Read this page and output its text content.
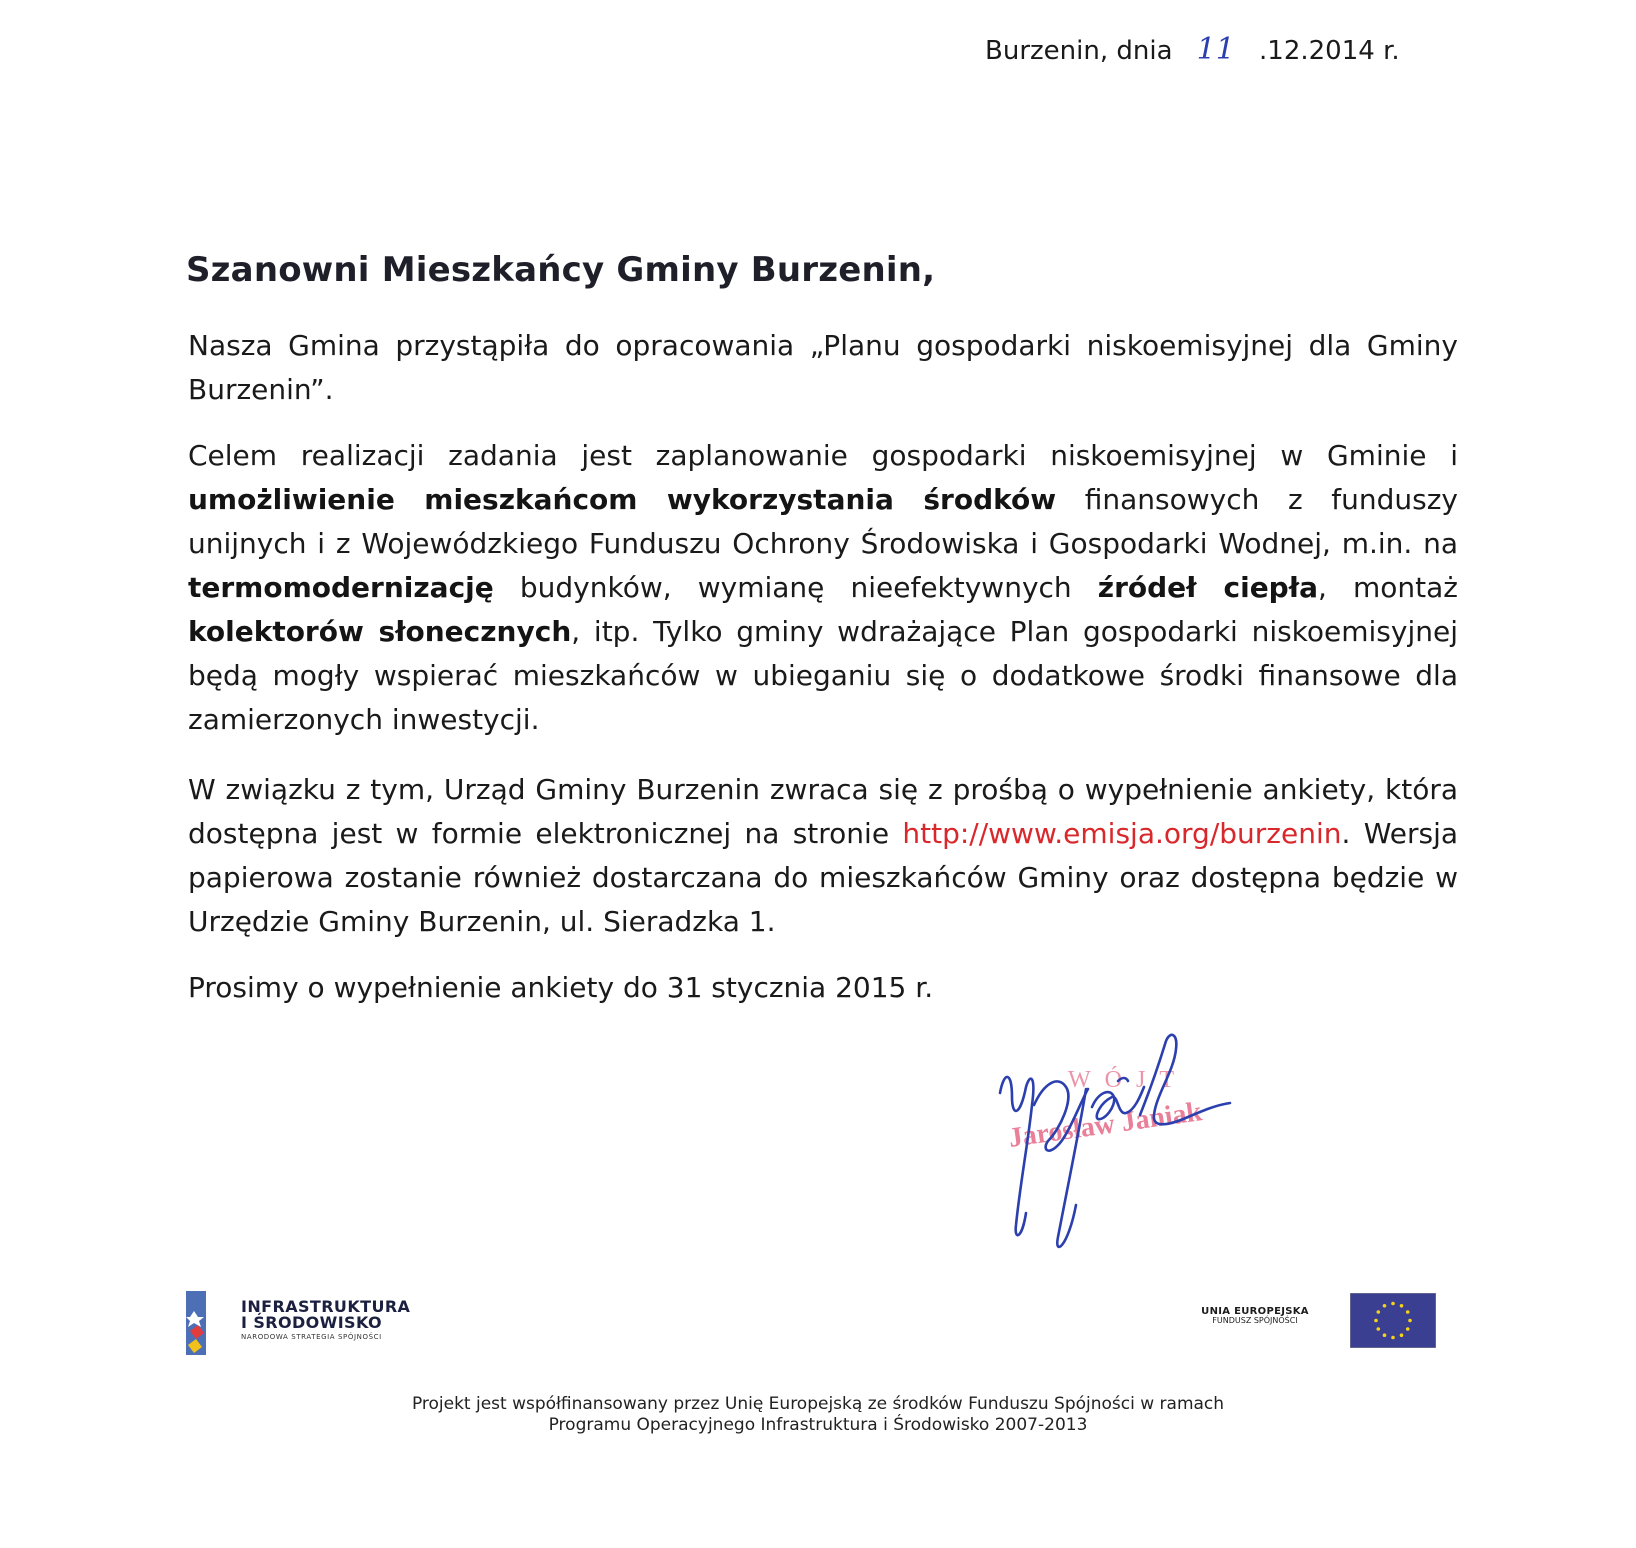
Burzenin, dnia 11 .12.2014 r.
Szanowni Mieszkańcy Gminy Burzenin,
Nasza Gmina przystąpiła do opracowania „Planu gospodarki niskoemisyjnej dla Gminy Burzenin”.
Celem realizacji zadania jest zaplanowanie gospodarki niskoemisyjnej w Gminie i umożliwienie mieszkańcom wykorzystania środków finansowych z funduszy unijnych i z Wojewódzkiego Funduszu Ochrony Środowiska i Gospodarki Wodnej, m.in. na termomodernizację budynków, wymianę nieefektywnych źródeł ciepła, montaż kolektorów słonecznych, itp. Tylko gminy wdrażające Plan gospodarki niskoemisyjnej będą mogły wspierać mieszkańców w ubieganiu się o dodatkowe środki finansowe dla zamierzonych inwestycji.
W związku z tym, Urząd Gminy Burzenin zwraca się z prośbą o wypełnienie ankiety, która dostępna jest w formie elektronicznej na stronie http://www.emisja.org/burzenin. Wersja papierowa zostanie również dostarczana do mieszkańców Gminy oraz dostępna będzie w Urzędzie Gminy Burzenin, ul. Sieradzka 1.
Prosimy o wypełnienie ankiety do 31 stycznia 2015 r.
WÓJT
Jarosław Janiak
INFRASTRUKTURA
I ŚRODOWISKO
NARODOWA STRATEGIA SPÓJNOŚCI
UNIA EUROPEJSKA
FUNDUSZ SPÓJNOŚCI
Projekt jest współfinansowany przez Unię Europejską ze środków Funduszu Spójności w ramach
Programu Operacyjnego Infrastruktura i Środowisko 2007-2013
